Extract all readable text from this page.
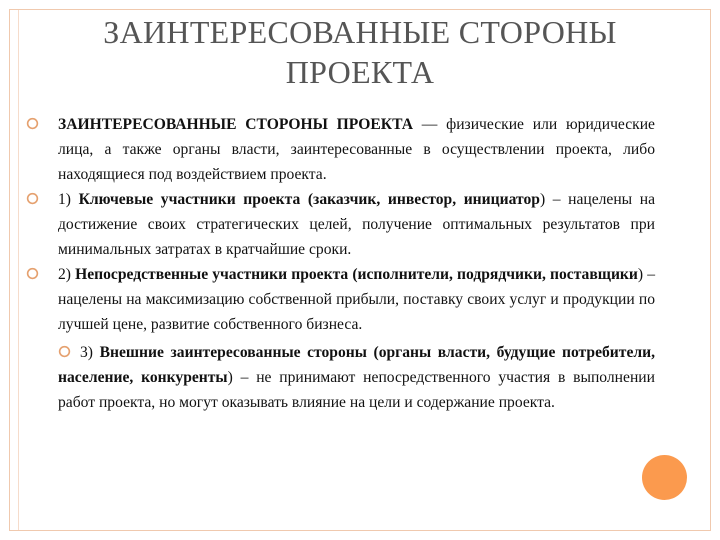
ЗАИНТЕРЕСОВАННЫЕ СТОРОНЫ
ПРОЕКТА

ЗАИНТЕРЕСОВАННЫЕ СТОРОНЫ ПРОЕКТА — физические или юридические лица, а также органы власти, заинтересованные в осуществлении проекта, либо находящиеся под воздействием проекта.

1) Ключевые участники проекта (заказчик, инвестор, инициатор) – нацелены на достижение своих стратегических целей, получение оптимальных результатов при минимальных затратах в кратчайшие сроки.

2) Непосредственные участники проекта (исполнители, подрядчики, поставщики) – нацелены на максимизацию собственной прибыли, поставку своих услуг и продукции по лучшей цене, развитие собственного бизнеса.

3) Внешние заинтересованные стороны (органы власти, будущие потребители, население, конкуренты) – не принимают непосредственного участия в выполнении работ проекта, но могут оказывать влияние на цели и содержание проекта.
